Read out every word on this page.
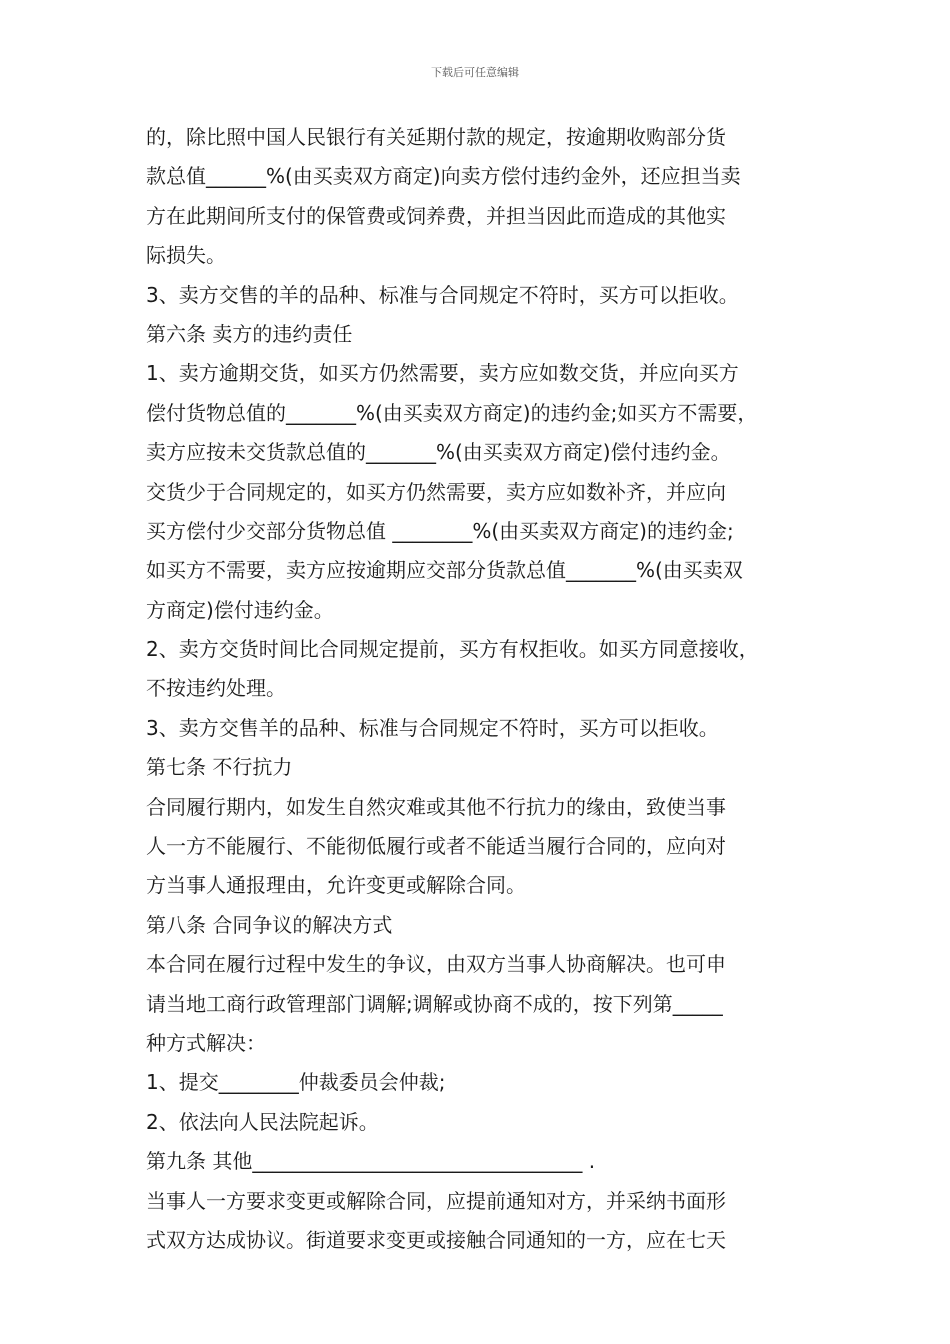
下载后可任意编辑
的，除比照中国人民银行有关延期付款的规定，按逾期收购部分货
款总值______%(由买卖双方商定)向卖方偿付违约金外，还应担当卖
方在此期间所支付的保管费或饲养费，并担当因此而造成的其他实
际损失。
3、卖方交售的羊的品种、标准与合同规定不符时，买方可以拒收。
第六条 卖方的违约责任
1、卖方逾期交货，如买方仍然需要，卖方应如数交货，并应向买方
偿付货物总值的_______%(由买卖双方商定)的违约金;如买方不需要，
卖方应按未交货款总值的_______%(由买卖双方商定)偿付违约金。
交货少于合同规定的，如买方仍然需要，卖方应如数补齐，并应向
买方偿付少交部分货物总值 ________%(由买卖双方商定)的违约金;
如买方不需要，卖方应按逾期应交部分货款总值_______%(由买卖双
方商定)偿付违约金。
2、卖方交货时间比合同规定提前，买方有权拒收。如买方同意接收，
不按违约处理。
3、卖方交售羊的品种、标准与合同规定不符时，买方可以拒收。
第七条 不行抗力
合同履行期内，如发生自然灾难或其他不行抗力的缘由，致使当事
人一方不能履行、不能彻低履行或者不能适当履行合同的，应向对
方当事人通报理由，允许变更或解除合同。
第八条 合同争议的解决方式
本合同在履行过程中发生的争议，由双方当事人协商解决。也可申
请当地工商行政管理部门调解;调解或协商不成的，按下列第_____
种方式解决：
1、提交________仲裁委员会仲裁;
2、依法向人民法院起诉。
第九条 其他_________________________________ .
当事人一方要求变更或解除合同，应提前通知对方，并采纳书面形
式双方达成协议。街道要求变更或接触合同通知的一方，应在七天
